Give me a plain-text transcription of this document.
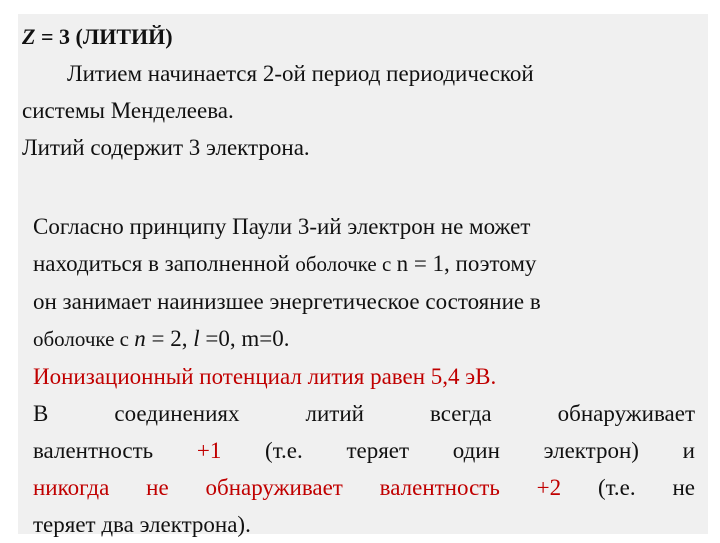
Z = 3 (ЛИТИЙ)
Литием начинается 2-ой период периодической
системы Менделеева.
Литий содержит 3 электрона.
Согласно принципу Паули 3-ий электрон не может
находиться в заполненной оболочке с n = 1, поэтому
он занимает наинизшее энергетическое состояние в
оболочке с n = 2, l =0, m=0.
Ионизационный потенциал лития равен 5,4 эВ.
В соединениях литий всегда обнаруживает
валентность +1 (т.е. теряет один электрон) и
никогда не обнаруживает валентность +2 (т.е. не
теряет два электрона).
